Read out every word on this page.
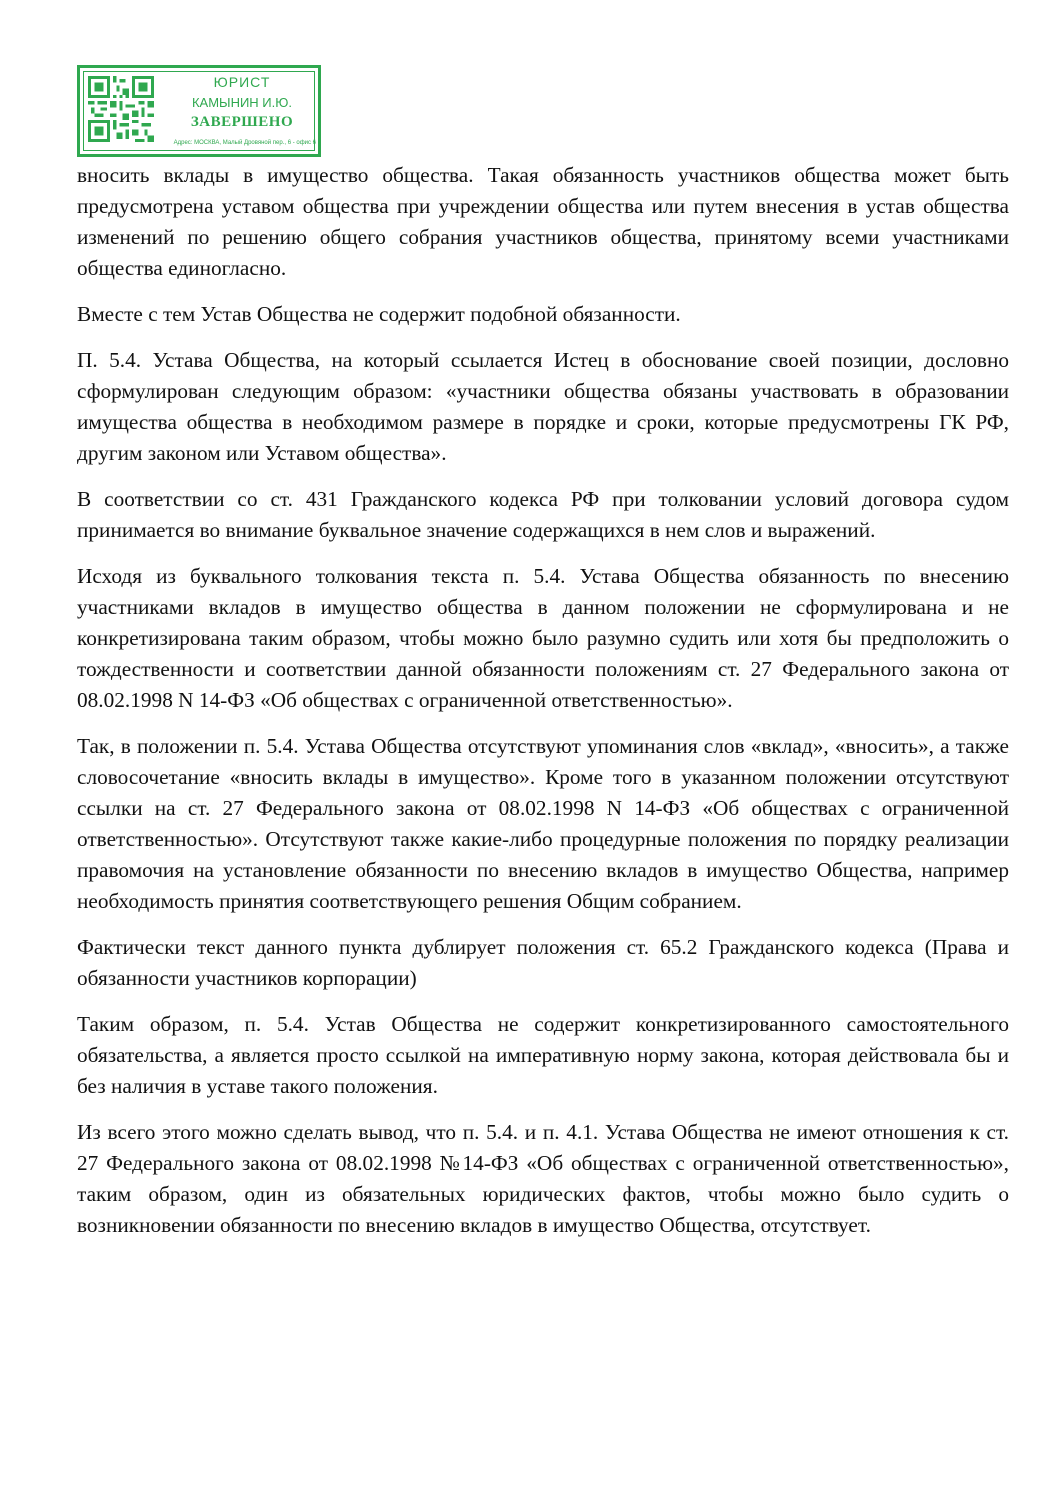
ЮРИСТ
КАМЫНИН И.Ю.
ЗАВЕРШЕНО
Адрес: МОСКВА, Малый Дровяной пер., 6 - офис 6

вносить вклады в имущество общества. Такая обязанность участников общества может быть предусмотрена уставом общества при учреждении общества или путем внесения в устав общества изменений по решению общего собрания участников общества, принятому всеми участниками общества единогласно.

Вместе с тем Устав Общества не содержит подобной обязанности.

П. 5.4. Устава Общества, на который ссылается Истец в обоснование своей позиции, дословно сформулирован следующим образом: «участники общества обязаны участвовать в образовании имущества общества в необходимом размере в порядке и сроки, которые предусмотрены ГК РФ, другим законом или Уставом общества».

В соответствии со ст. 431 Гражданского кодекса РФ при толковании условий договора судом принимается во внимание буквальное значение содержащихся в нем слов и выражений.

Исходя из буквального толкования текста п. 5.4. Устава Общества обязанность по внесению участниками вкладов в имущество общества в данном положении не сформулирована и не конкретизирована таким образом, чтобы можно было разумно судить или хотя бы предположить о тождественности и соответствии данной обязанности положениям ст. 27 Федерального закона от 08.02.1998 N 14-ФЗ «Об обществах с ограниченной ответственностью».

Так, в положении п. 5.4. Устава Общества отсутствуют упоминания слов «вклад», «вносить», а также словосочетание «вносить вклады в имущество». Кроме того в указанном положении отсутствуют ссылки на ст. 27 Федерального закона от 08.02.1998 N 14-ФЗ «Об обществах с ограниченной ответственностью». Отсутствуют также какие-либо процедурные положения по порядку реализации правомочия на установление обязанности по внесению вкладов в имущество Общества, например необходимость принятия соответствующего решения Общим собранием.

Фактически текст данного пункта дублирует положения ст. 65.2 Гражданского кодекса (Права и обязанности участников корпорации)

Таким образом, п. 5.4. Устав Общества не содержит конкретизированного самостоятельного обязательства, а является просто ссылкой на императивную норму закона, которая действовала бы и без наличия в уставе такого положения.

Из всего этого можно сделать вывод, что п. 5.4. и п. 4.1. Устава Общества не имеют отношения к ст. 27 Федерального закона от 08.02.1998 №14-ФЗ «Об обществах с ограниченной ответственностью», таким образом, один из обязательных юридических фактов, чтобы можно было судить о возникновении обязанности по внесению вкладов в имущество Общества, отсутствует.
